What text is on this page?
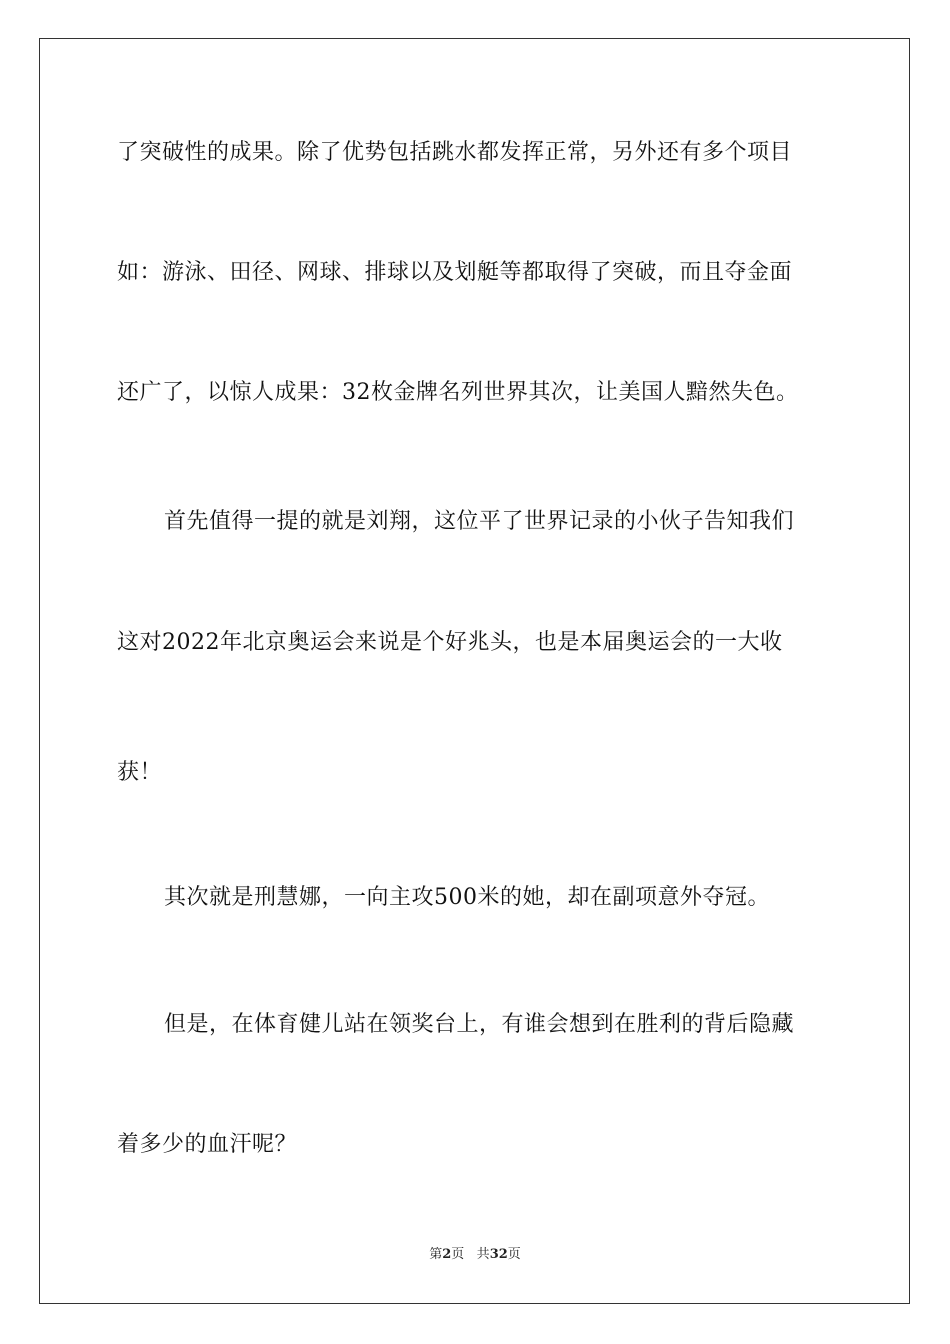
了突破性的成果。除了优势包括跳水都发挥正常，另外还有多个项目
如：游泳、田径、网球、排球以及划艇等都取得了突破，而且夺金面
还广了，以惊人成果：32枚金牌名列世界其次，让美国人黯然失色。
首先值得一提的就是刘翔，这位平了世界记录的小伙子告知我们
这对2022年北京奥运会来说是个好兆头，也是本届奥运会的一大收
获！
其次就是刑慧娜，一向主攻500米的她，却在副项意外夺冠。
但是，在体育健儿站在领奖台上，有谁会想到在胜利的背后隐藏
着多少的血汗呢？
第2页 共32页
